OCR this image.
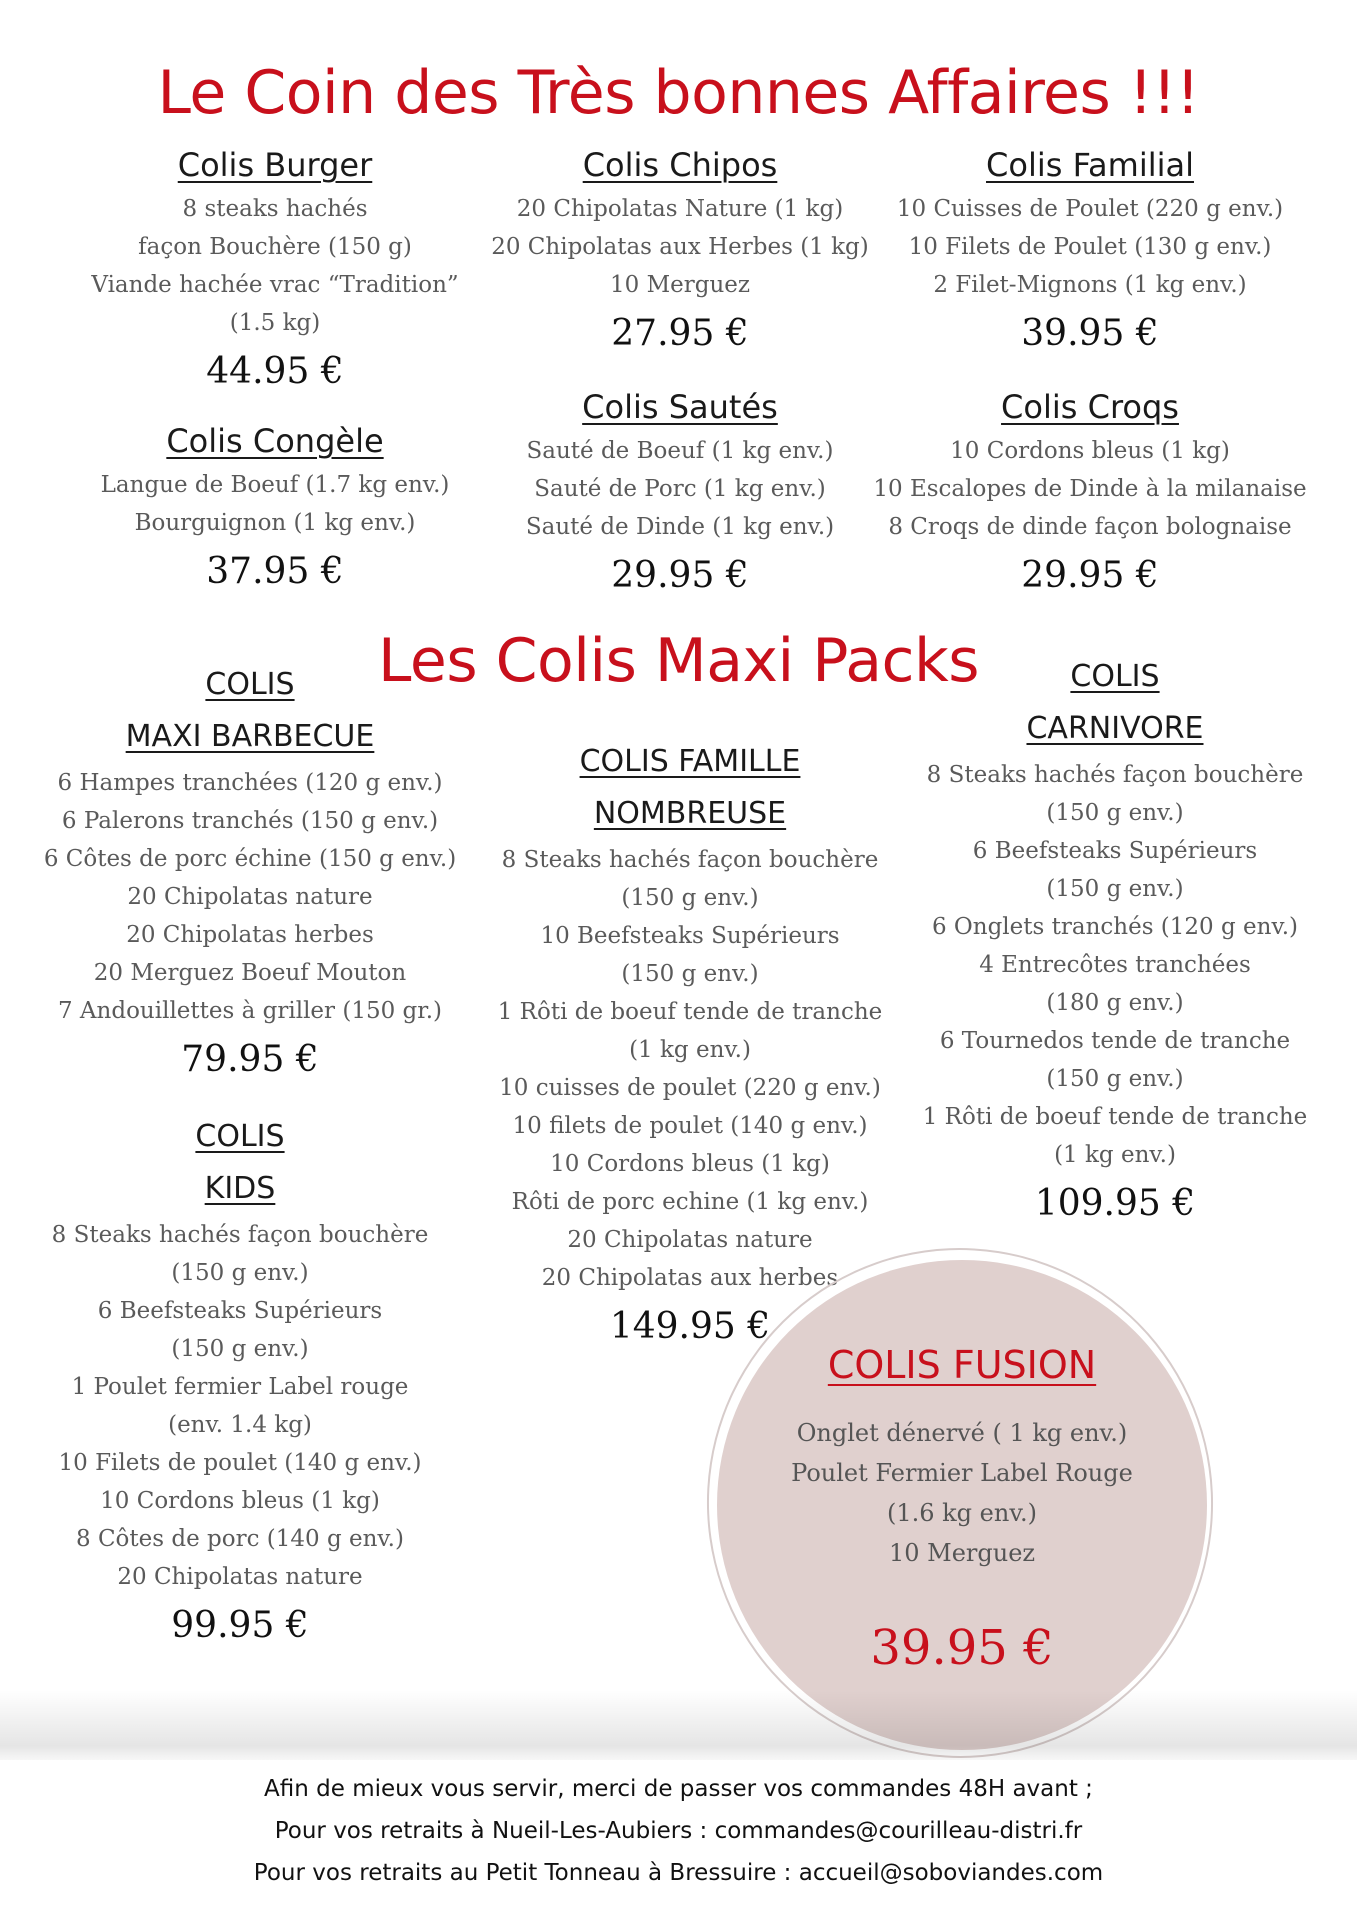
Le Coin des Très bonnes Affaires !!!
Colis Burger
8 steaks hachés
façon Bouchère (150 g)
Viande hachée vrac “Tradition”
(1.5 kg)
44.95 €
Colis Chipos
20 Chipolatas Nature (1 kg)
20 Chipolatas aux Herbes (1 kg)
10 Merguez
27.95 €
Colis Familial
10 Cuisses de Poulet (220 g env.)
10 Filets de Poulet (130 g env.)
2 Filet-Mignons (1 kg env.)
39.95 €
Colis Congèle
Langue de Boeuf (1.7 kg env.)
Bourguignon (1 kg env.)
37.95 €
Colis Sautés
Sauté de Boeuf (1 kg env.)
Sauté de Porc (1 kg env.)
Sauté de Dinde (1 kg env.)
29.95 €
Colis Croqs
10 Cordons bleus (1 kg)
10 Escalopes de Dinde à la milanaise
8 Croqs de dinde façon bolognaise
29.95 €
Les Colis Maxi Packs
COLIS
MAXI BARBECUE
6 Hampes tranchées (120 g env.)
6 Palerons tranchés (150 g env.)
6 Côtes de porc échine (150 g env.)
20 Chipolatas nature
20 Chipolatas herbes
20 Merguez Boeuf Mouton
7 Andouillettes à griller (150 gr.)
79.95 €
COLIS FAMILLE
NOMBREUSE
8 Steaks hachés façon bouchère
(150 g env.)
10 Beefsteaks Supérieurs
(150 g env.)
1 Rôti de boeuf tende de tranche
(1 kg env.)
10 cuisses de poulet (220 g env.)
10 filets de poulet (140 g env.)
10 Cordons bleus (1 kg)
Rôti de porc echine (1 kg env.)
20 Chipolatas nature
20 Chipolatas aux herbes
149.95 €
COLIS
CARNIVORE
8 Steaks hachés façon bouchère
(150 g env.)
6 Beefsteaks Supérieurs
(150 g env.)
6 Onglets tranchés (120 g env.)
4 Entrecôtes tranchées
(180 g env.)
6 Tournedos tende de tranche
(150 g env.)
1 Rôti de boeuf tende de tranche
(1 kg env.)
109.95 €
COLIS
KIDS
8 Steaks hachés façon bouchère
(150 g env.)
6 Beefsteaks Supérieurs
(150 g env.)
1 Poulet fermier Label rouge
(env. 1.4 kg)
10 Filets de poulet (140 g env.)
10 Cordons bleus (1 kg)
8 Côtes de porc (140 g env.)
20 Chipolatas nature
99.95 €
COLIS FUSION
Onglet dénervé ( 1 kg env.)
Poulet Fermier Label Rouge
(1.6 kg env.)
10 Merguez
39.95 €
Afin de mieux vous servir, merci de passer vos commandes 48H avant ;
Pour vos retraits à Nueil-Les-Aubiers : commandes@courilleau-distri.fr
Pour vos retraits au Petit Tonneau à Bressuire : accueil@soboviandes.com
